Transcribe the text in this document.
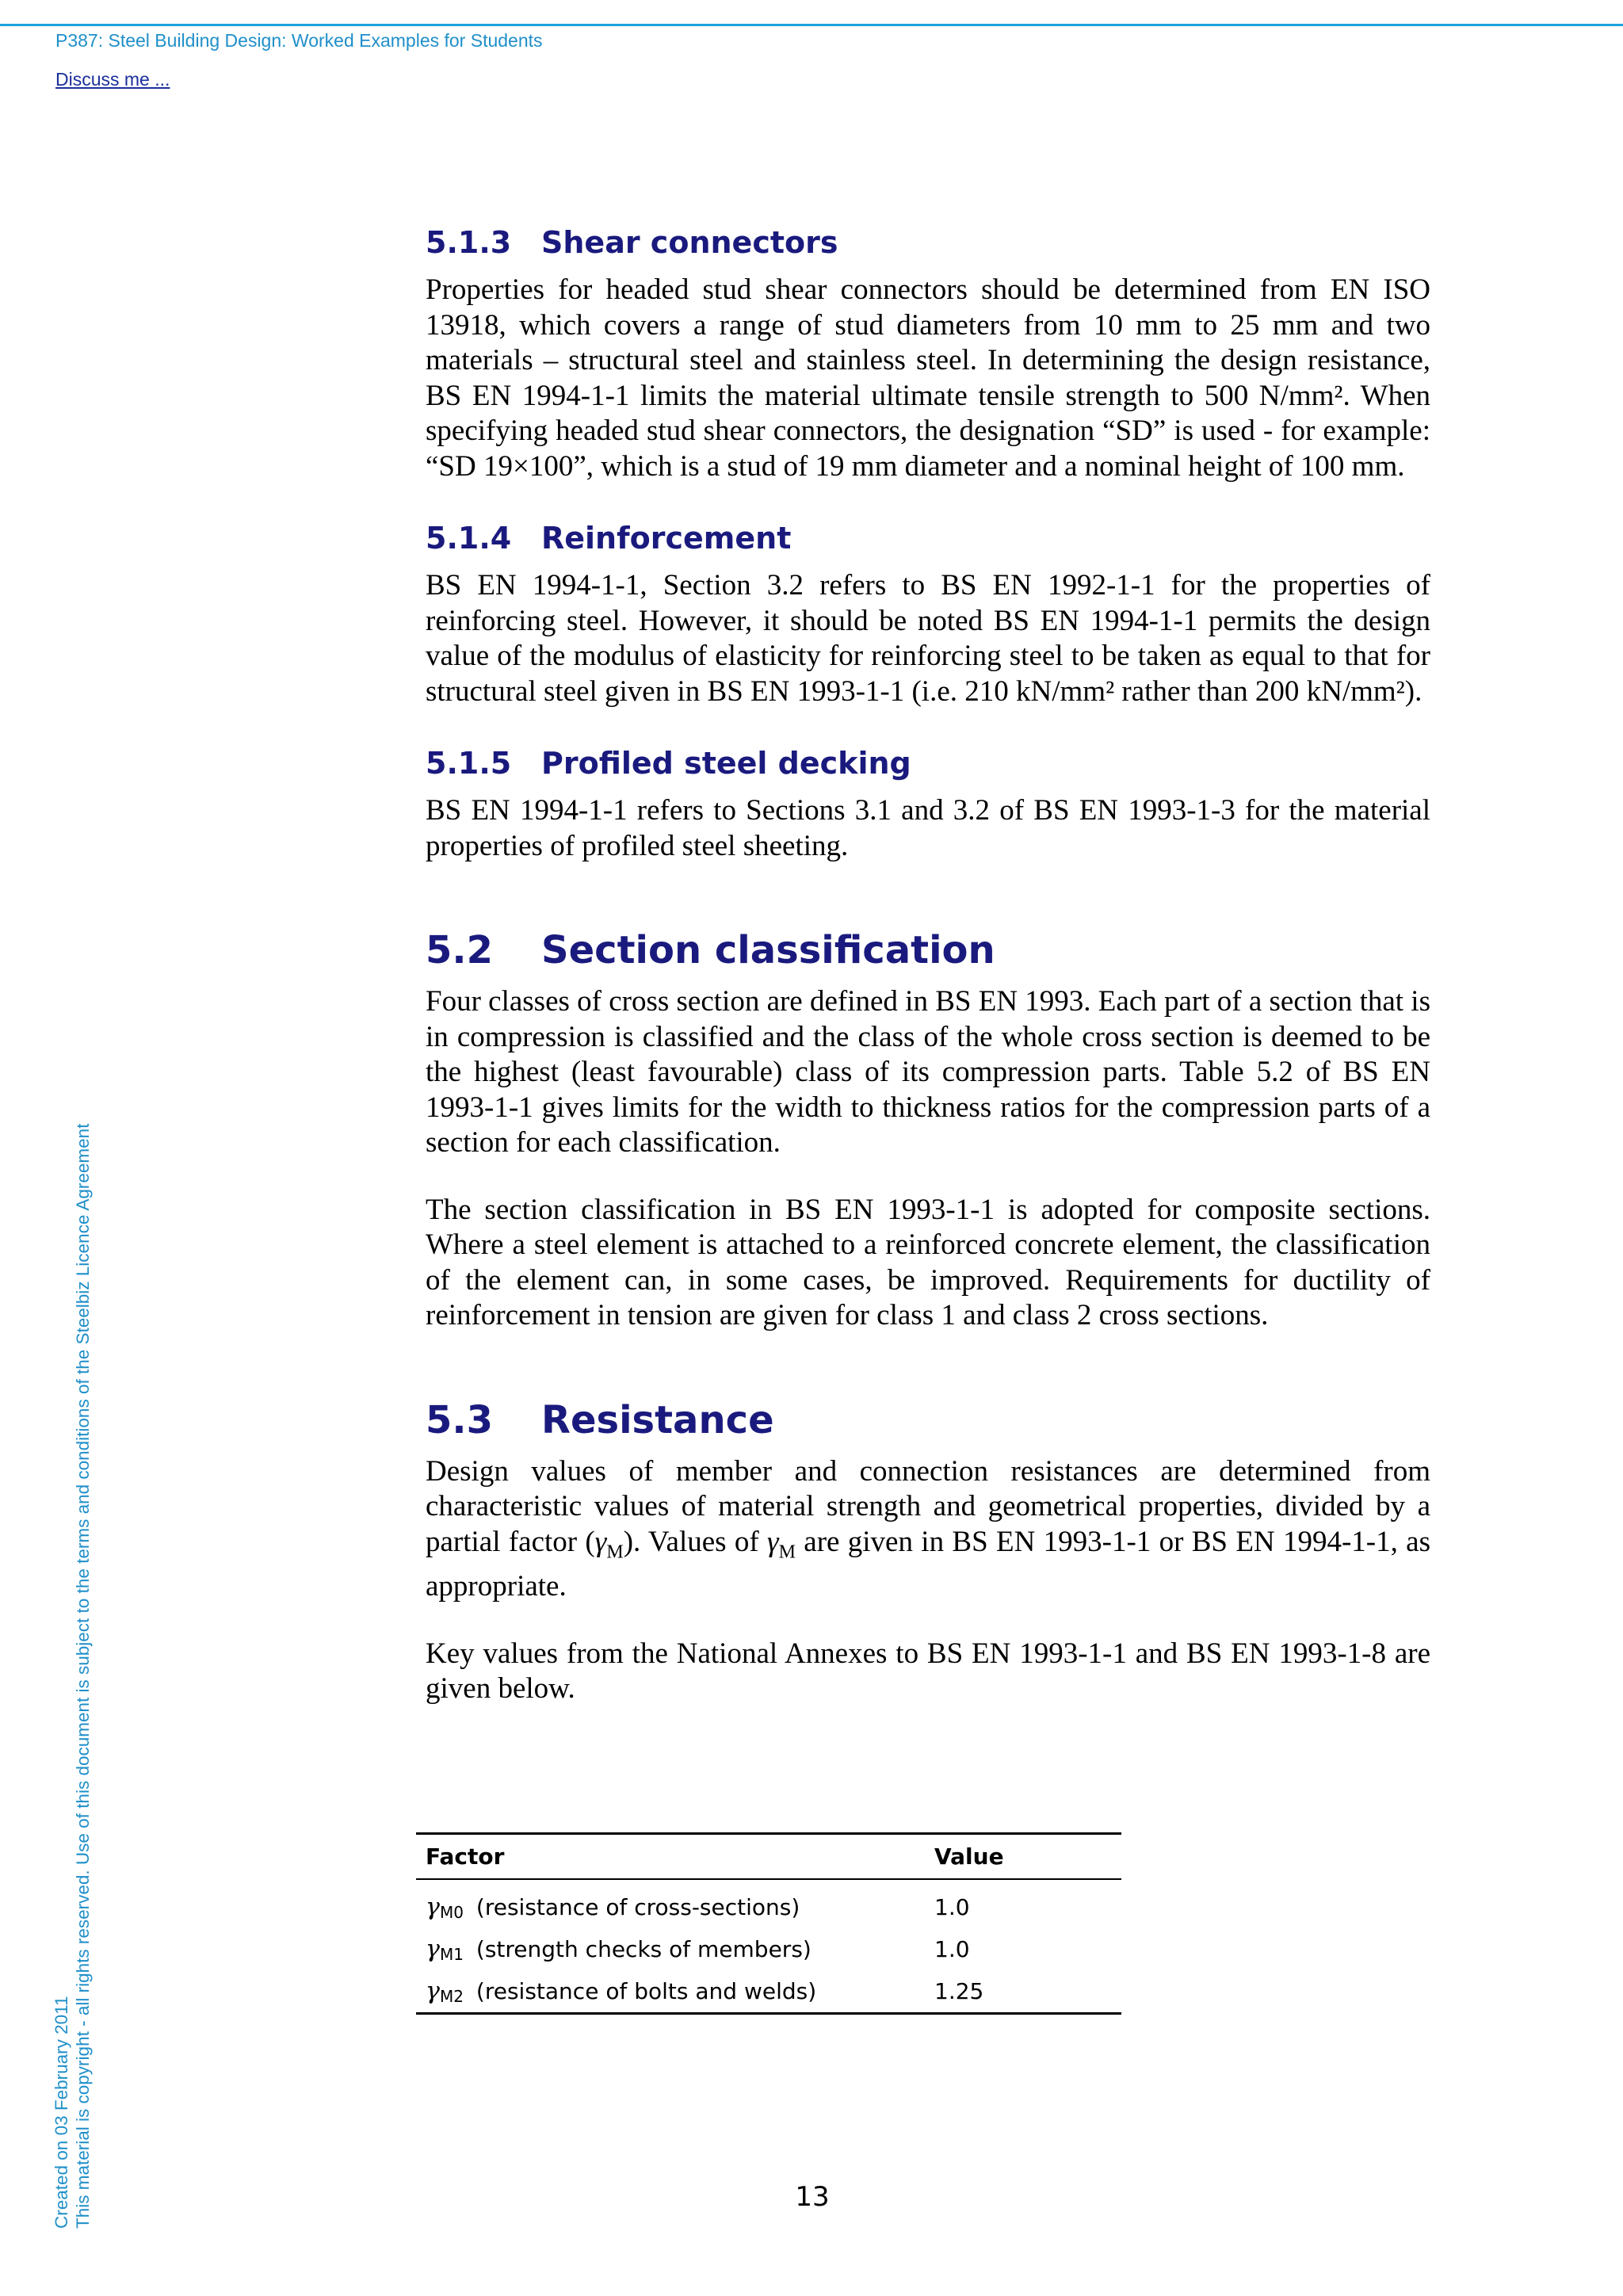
P387: Steel Building Design: Worked Examples for Students
Discuss me ...
Created on 03 February 2011 This material is copyright - all rights reserved. Use of this document is subject to the terms and conditions of the Steelbiz Licence Agreement
5.1.3 Shear connectors

Properties for headed stud shear connectors should be determined from EN ISO 13918, which covers a range of stud diameters from 10 mm to 25 mm and two materials – structural steel and stainless steel. In determining the design resistance, BS EN 1994-1-1 limits the material ultimate tensile strength to 500 N/mm². When specifying headed stud shear connectors, the designation “SD” is used - for example: “SD 19×100”, which is a stud of 19 mm diameter and a nominal height of 100 mm.

5.1.4 Reinforcement

BS EN 1994-1-1, Section 3.2 refers to BS EN 1992-1-1 for the properties of reinforcing steel. However, it should be noted BS EN 1994-1-1 permits the design value of the modulus of elasticity for reinforcing steel to be taken as equal to that for structural steel given in BS EN 1993-1-1 (i.e. 210 kN/mm² rather than 200 kN/mm²).

5.1.5 Profiled steel decking

BS EN 1994-1-1 refers to Sections 3.1 and 3.2 of BS EN 1993-1-3 for the material properties of profiled steel sheeting.

5.2 Section classification

Four classes of cross section are defined in BS EN 1993. Each part of a section that is in compression is classified and the class of the whole cross section is deemed to be the highest (least favourable) class of its compression parts. Table 5.2 of BS EN 1993-1-1 gives limits for the width to thickness ratios for the compression parts of a section for each classification.

The section classification in BS EN 1993-1-1 is adopted for composite sections. Where a steel element is attached to a reinforced concrete element, the classification of the element can, in some cases, be improved. Requirements for ductility of reinforcement in tension are given for class 1 and class 2 cross sections.

5.3 Resistance

Design values of member and connection resistances are determined from characteristic values of material strength and geometrical properties, divided by a partial factor $(\gamma_M)$. Values of $\gamma_M$ are given in BS EN 1993-1-1 or BS EN 1994-1-1, as appropriate.

Key values from the National Annexes to BS EN 1993-1-1 and BS EN 1993-1-8 are given below.

Factor	Value
γM0 (resistance of cross-sections)	1.0
γM1 (strength checks of members)	1.0
γM2 (resistance of bolts and welds)	1.25
13
